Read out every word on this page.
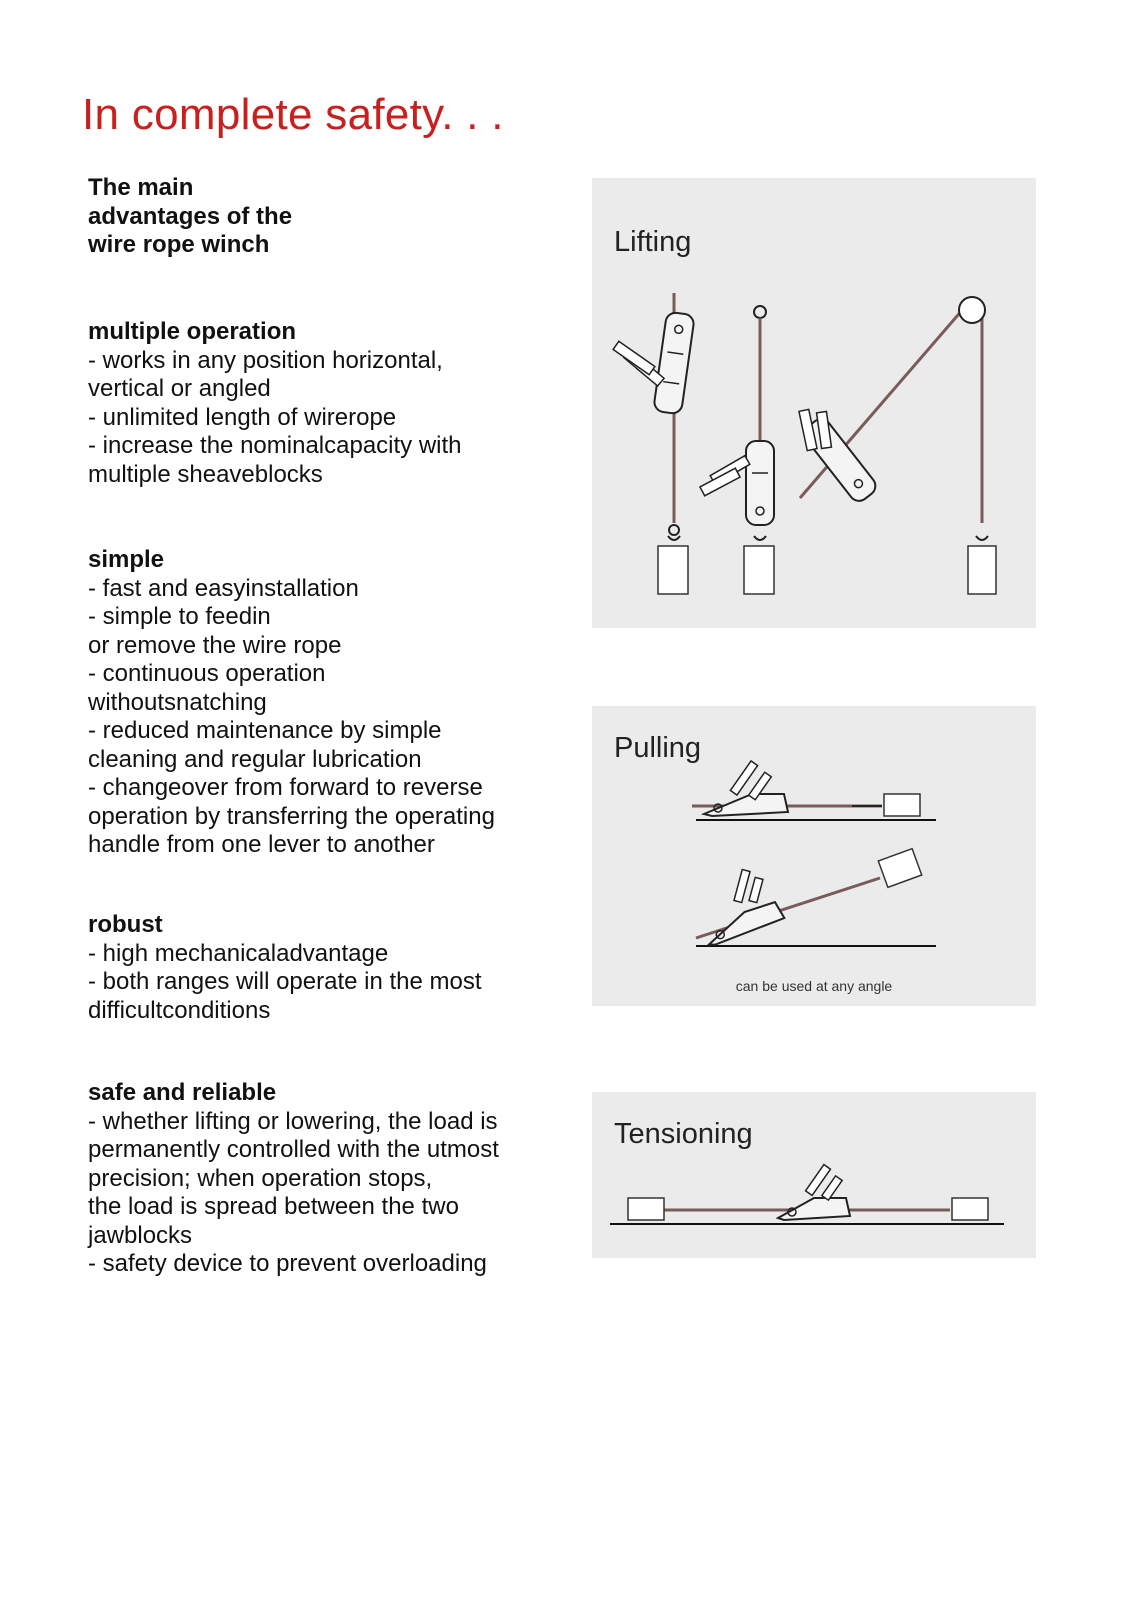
In complete safety. . .

The main
advantages of the
wire rope winch

multiple operation

- works in any position horizontal,
vertical or angled
- unlimited length of wirerope
- increase the nominalcapacity with
multiple sheaveblocks

simple

- fast and easyinstallation
- simple to feedin
or remove the wire rope
- continuous operation
withoutsnatching
- reduced maintenance by simple
cleaning and regular lubrication
- changeover from forward to reverse
operation by transferring the operating
handle from one lever to another

robust

- high mechanicaladvantage
- both ranges will operate in the most
difficultconditions

safe and reliable

- whether lifting or lowering, the load is
permanently controlled with the utmost
precision; when operation stops,
the load is spread between the two
jawblocks
- safety device to prevent overloading

Lifting
Pulling
can be used at any angle
Tensioning
